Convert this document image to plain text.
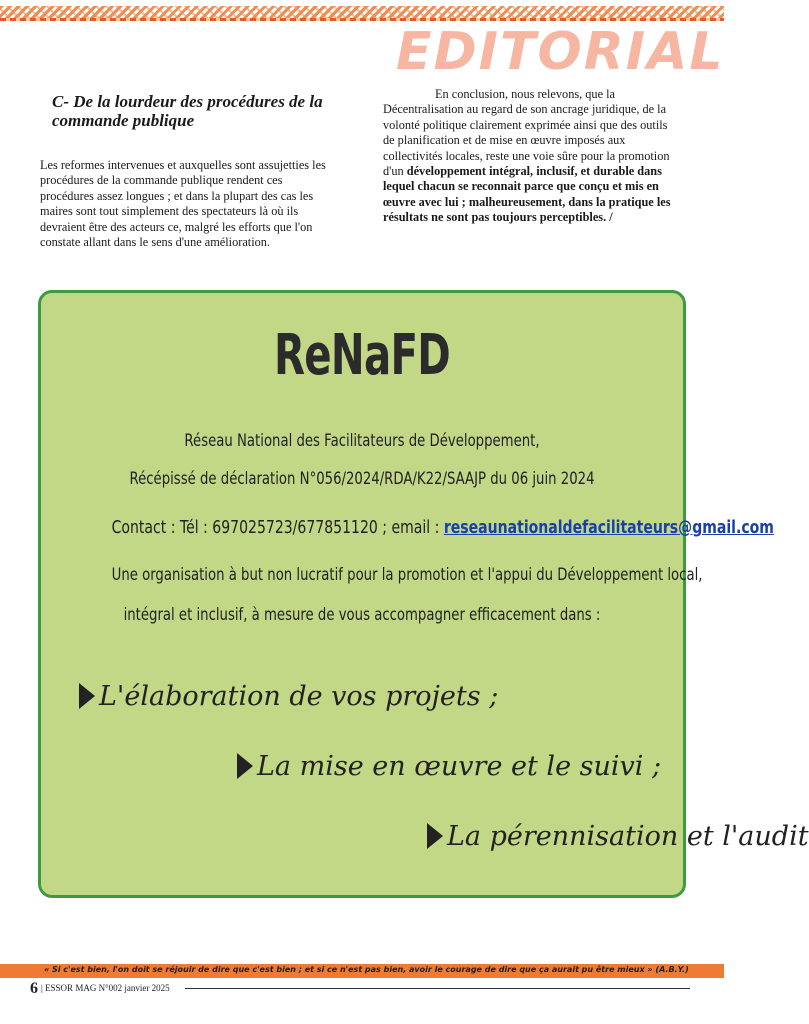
EDITORIAL

C- De la lourdeur des procédures de la commande publique

Les reformes intervenues et auxquelles sont assujetties les procédures de la commande publique rendent ces procédures assez longues ; et dans la plupart des cas les maires sont tout simplement des spectateurs là où ils devraient être des acteurs ce, malgré les efforts que l'on constate allant dans le sens d'une amélioration.

En conclusion, nous relevons, que la
Décentralisation au regard de son ancrage juridique, de la volonté politique clairement exprimée ainsi que des outils de planification et de mise en œuvre imposés aux collectivités locales, reste une voie sûre pour la promotion d'un développement intégral, inclusif, et durable dans lequel chacun se reconnait parce que conçu et mis en œuvre avec lui ; malheureusement, dans la pratique les résultats ne sont pas toujours perceptibles. /
ReNaFD
Réseau National des Facilitateurs de Développement,
Récépissé de déclaration N°056/2024/RDA/K22/SAAJP du 06 juin 2024
Contact : Tél : 697025723/677851120 ; email : reseaunationaldefacilitateurs@gmail.com
Une organisation à but non lucratif pour la promotion et l'appui du Développement local,
intégral et inclusif, à mesure de vous accompagner efficacement dans :
L'élaboration de vos projets ;
La mise en œuvre et le suivi ;
La pérennisation et l'audit
« Si c'est bien, l'on doit se réjouir de dire que c'est bien ; et si ce n'est pas bien, avoir le courage de dire que ça aurait pu être mieux » (A.B.Y.)
6 | ESSOR MAG N°002 janvier 2025
